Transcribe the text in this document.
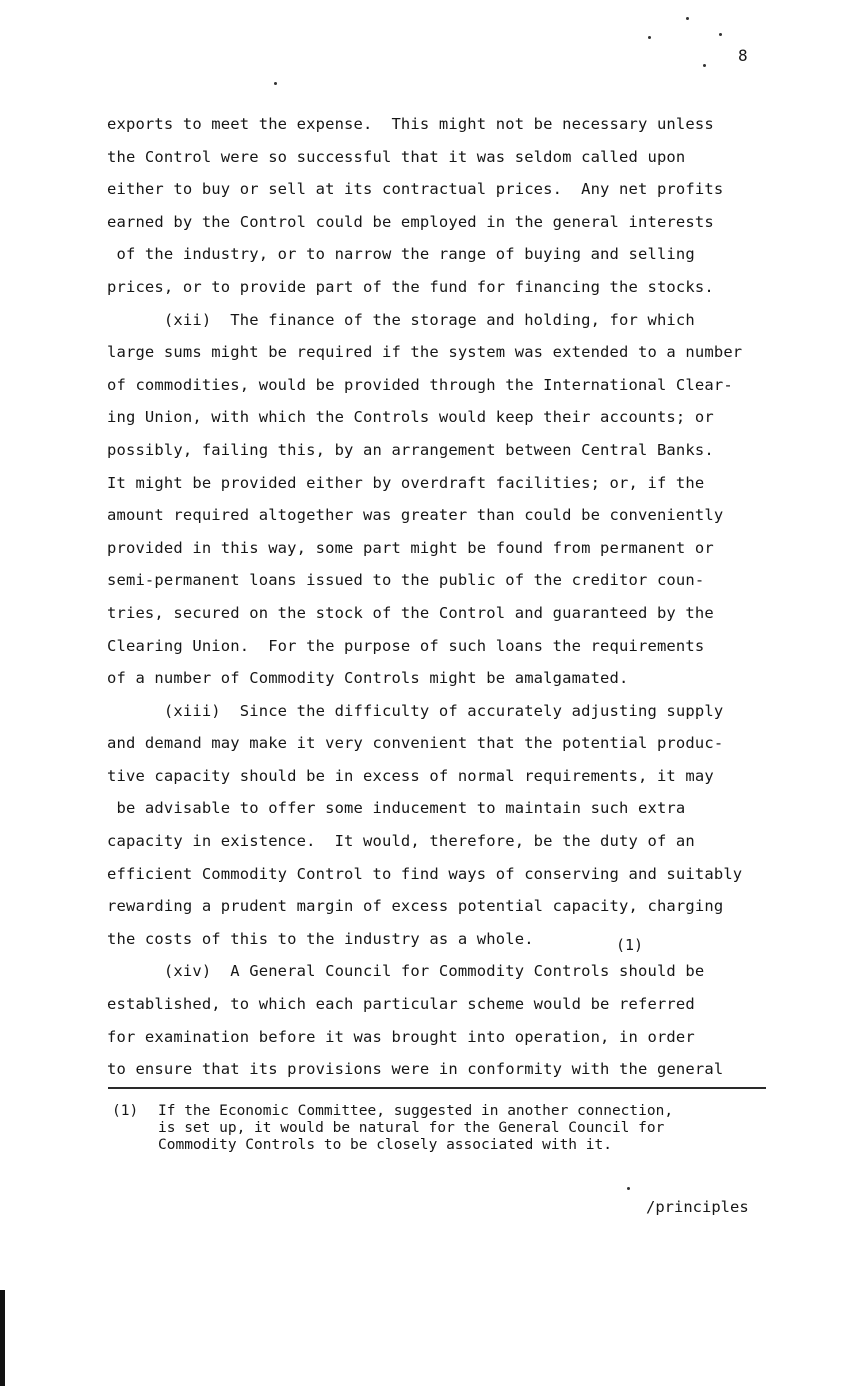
8
exports to meet the expense.  This might not be necessary unless
the Control were so successful that it was seldom called upon
either to buy or sell at its contractual prices.  Any net profits
earned by the Control could be employed in the general interests
of the industry, or to narrow the range of buying and selling
prices, or to provide part of the fund for financing the stocks.
(xii)  The finance of the storage and holding, for which
large sums might be required if the system was extended to a number
of commodities, would be provided through the International Clear-
ing Union, with which the Controls would keep their accounts; or
possibly, failing this, by an arrangement between Central Banks.
It might be provided either by overdraft facilities; or, if the
amount required altogether was greater than could be conveniently
provided in this way, some part might be found from permanent or
semi-permanent loans issued to the public of the creditor coun-
tries, secured on the stock of the Control and guaranteed by the
Clearing Union.  For the purpose of such loans the requirements
of a number of Commodity Controls might be amalgamated.
(xiii)  Since the difficulty of accurately adjusting supply
and demand may make it very convenient that the potential produc-
tive capacity should be in excess of normal requirements, it may
be advisable to offer some inducement to maintain such extra
capacity in existence.  It would, therefore, be the duty of an
efficient Commodity Control to find ways of conserving and suitably
rewarding a prudent margin of excess potential capacity, charging
the costs of this to the industry as a whole.
(xiv)  A General Council for Commodity Controls should be
established, to which each particular scheme would be referred
for examination before it was brought into operation, in order
to ensure that its provisions were in conformity with the general
(1)
(1) If the Economic Committee, suggested in another connection,
is set up, it would be natural for the General Council for
Commodity Controls to be closely associated with it.
/principles
